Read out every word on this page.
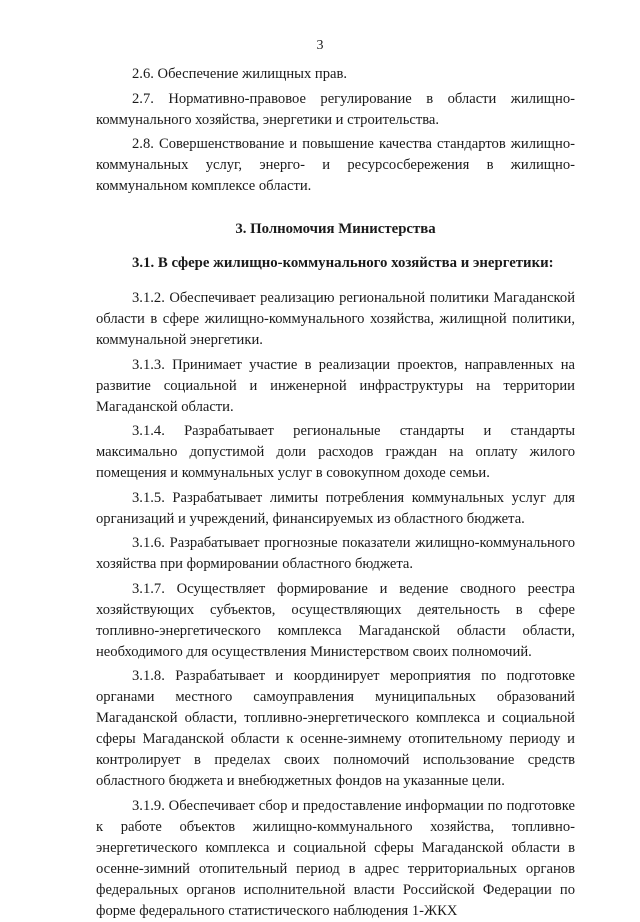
3

2.6. Обеспечение жилищных прав.

2.7. Нормативно-правовое регулирование в области жилищно-коммунального хозяйства, энергетики и строительства.

2.8. Совершенствование и повышение качества стандартов жилищно-коммунальных услуг, энерго- и ресурсосбережения в жилищно-коммунальном комплексе области.

3. Полномочия Министерства

3.1. В сфере жилищно-коммунального хозяйства и энергетики:

3.1.2. Обеспечивает реализацию региональной политики Магаданской области в сфере жилищно-коммунального хозяйства, жилищной политики, коммунальной энергетики.

3.1.3. Принимает участие в реализации проектов, направленных на развитие социальной и инженерной инфраструктуры на территории Магаданской области.

3.1.4. Разрабатывает региональные стандарты и стандарты максимально допустимой доли расходов граждан на оплату жилого помещения и коммунальных услуг в совокупном доходе семьи.

3.1.5. Разрабатывает лимиты потребления коммунальных услуг для организаций и учреждений, финансируемых из областного бюджета.

3.1.6. Разрабатывает прогнозные показатели жилищно-коммунального хозяйства при формировании областного бюджета.

3.1.7. Осуществляет формирование и ведение сводного реестра хозяйствующих субъектов, осуществляющих деятельность в сфере топливно-энергетического комплекса Магаданской области области, необходимого для осуществления Министерством своих полномочий.

3.1.8. Разрабатывает и координирует мероприятия по подготовке органами местного самоуправления муниципальных образований Магаданской области, топливно-энергетического комплекса и социальной сферы Магаданской области к осенне-зимнему отопительному периоду и контролирует в пределах своих полномочий использование средств областного бюджета и внебюджетных фондов на указанные цели.

3.1.9. Обеспечивает сбор и предоставление информации по подготовке к работе объектов жилищно-коммунального хозяйства, топливно-энергетического комплекса и социальной сферы Магаданской области в осенне-зимний отопительный период в адрес территориальных органов федеральных органов исполнительной власти Российской Федерации по форме федерального статистического наблюдения 1-ЖКХ
